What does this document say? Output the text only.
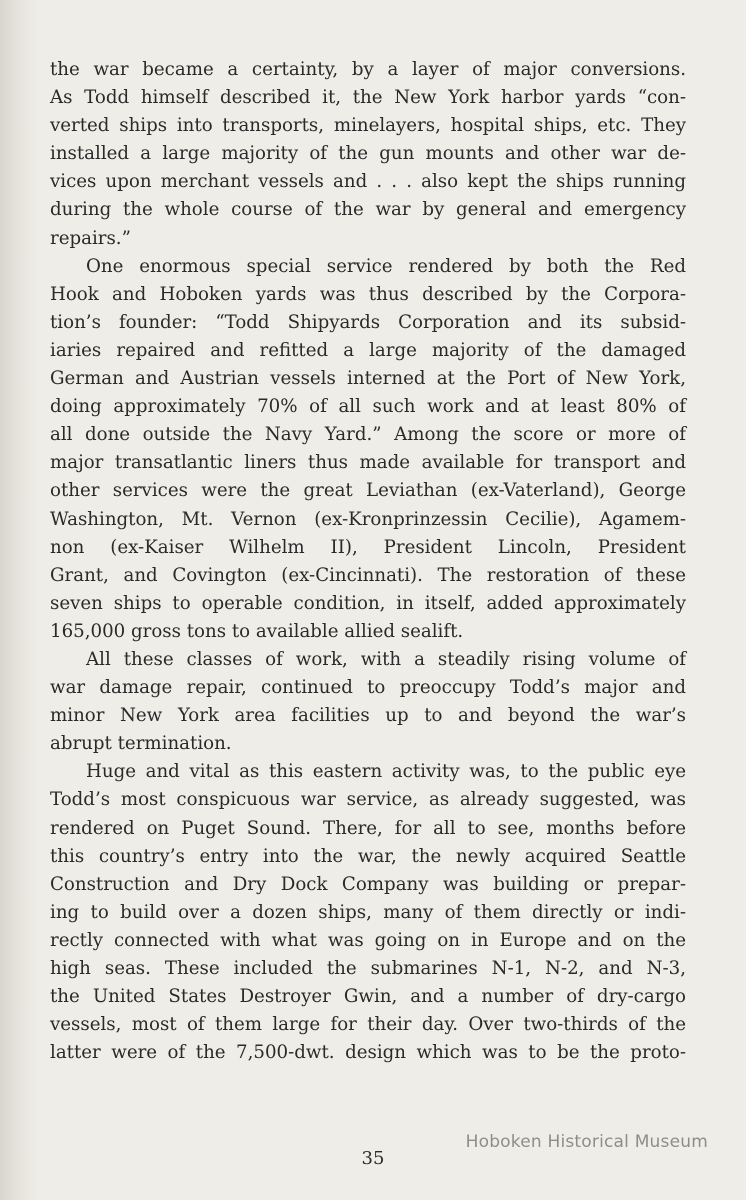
the war became a certainty, by a layer of major conversions.
As Todd himself described it, the New York harbor yards “con-
verted ships into transports, minelayers, hospital ships, etc. They
installed a large majority of the gun mounts and other war de-
vices upon merchant vessels and . . . also kept the ships running
during the whole course of the war by general and emergency
repairs.”
One enormous special service rendered by both the Red
Hook and Hoboken yards was thus described by the Corpora-
tion’s founder: “Todd Shipyards Corporation and its subsid-
iaries repaired and refitted a large majority of the damaged
German and Austrian vessels interned at the Port of New York,
doing approximately 70% of all such work and at least 80% of
all done outside the Navy Yard.” Among the score or more of
major transatlantic liners thus made available for transport and
other services were the great Leviathan (ex-Vaterland), George
Washington, Mt. Vernon (ex-Kronprinzessin Cecilie), Agamem-
non (ex-Kaiser Wilhelm II), President Lincoln, President
Grant, and Covington (ex-Cincinnati). The restoration of these
seven ships to operable condition, in itself, added approximately
165,000 gross tons to available allied sealift.
All these classes of work, with a steadily rising volume of
war damage repair, continued to preoccupy Todd’s major and
minor New York area facilities up to and beyond the war’s
abrupt termination.
Huge and vital as this eastern activity was, to the public eye
Todd’s most conspicuous war service, as already suggested, was
rendered on Puget Sound. There, for all to see, months before
this country’s entry into the war, the newly acquired Seattle
Construction and Dry Dock Company was building or prepar-
ing to build over a dozen ships, many of them directly or indi-
rectly connected with what was going on in Europe and on the
high seas. These included the submarines N-1, N-2, and N-3,
the United States Destroyer Gwin, and a number of dry-cargo
vessels, most of them large for their day. Over two-thirds of the
latter were of the 7,500-dwt. design which was to be the proto-
35
Hoboken Historical Museum
